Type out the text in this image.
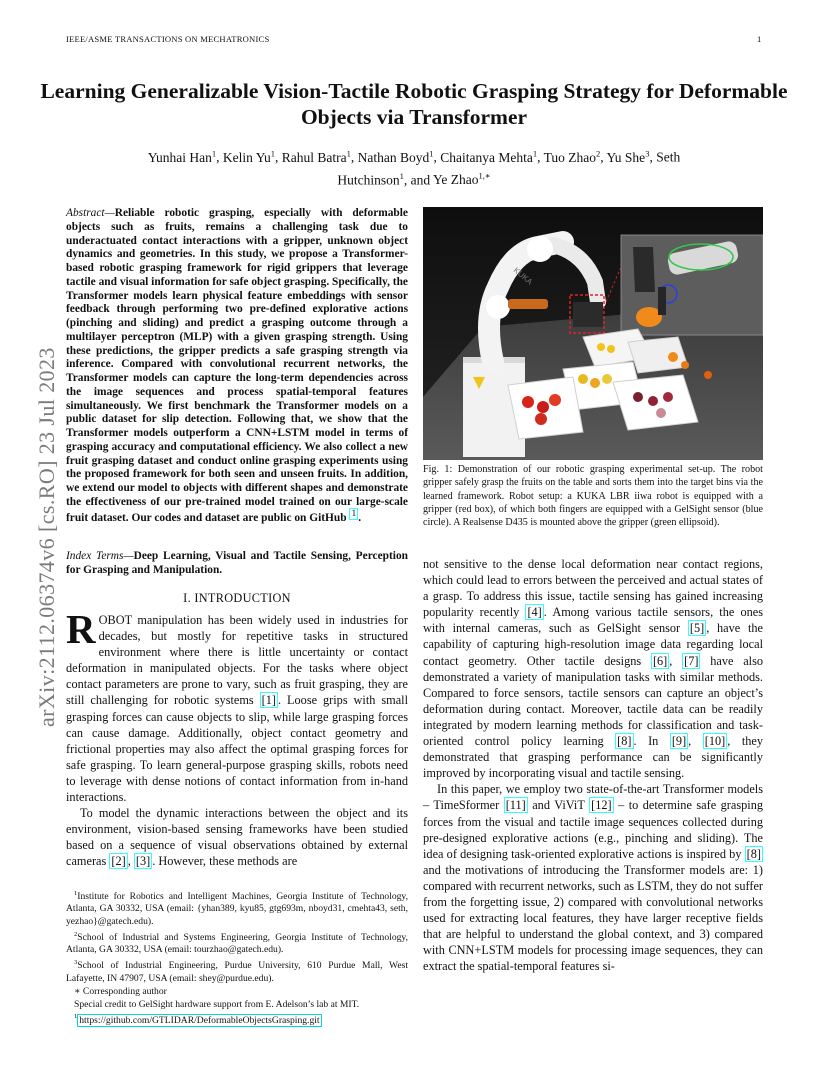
IEEE/ASME TRANSACTIONS ON MECHATRONICS	1
arXiv:2112.06374v6 [cs.RO] 23 Jul 2023
Learning Generalizable Vision-Tactile Robotic Grasping Strategy for Deformable Objects via Transformer
Yunhai Han$^1$, Kelin Yu$^1$, Rahul Batra$^1$, Nathan Boyd$^1$, Chaitanya Mehta$^1$, Tuo Zhao$^2$, Yu She$^3$, Seth
Hutchinson$^1$, and Ye Zhao$^{1,∗}$
Abstract—Reliable robotic grasping, especially with deformable objects such as fruits, remains a challenging task due to underactuated contact interactions with a gripper, unknown object dynamics and geometries. In this study, we propose a Transformer-based robotic grasping framework for rigid grippers that leverage tactile and visual information for safe object grasping. Specifically, the Transformer models learn physical feature embeddings with sensor feedback through performing two pre-defined explorative actions (pinching and sliding) and predict a grasping outcome through a multilayer perceptron (MLP) with a given grasping strength. Using these predictions, the gripper predicts a safe grasping strength via inference. Compared with convolutional recurrent networks, the Transformer models can capture the long-term dependencies across the image sequences and process spatial-temporal features simultaneously. We first benchmark the Transformer models on a public dataset for slip detection. Following that, we show that the Transformer models outperform a CNN+LSTM model in terms of grasping accuracy and computational efficiency. We also collect a new fruit grasping dataset and conduct online grasping experiments using the proposed framework for both seen and unseen fruits. In addition, we extend our model to objects with different shapes and demonstrate the effectiveness of our pre-trained model trained on our large-scale fruit dataset. Our codes and dataset are public on GitHub $^1$ .
Index Terms—Deep Learning, Visual and Tactile Sensing, Perception for Grasping and Manipulation.
I. INTRODUCTION

ROBOT manipulation has been widely used in industries for decades, but mostly for repetitive tasks in structured environment where there is little uncertainty or contact deformation in manipulated objects. For the tasks where object contact parameters are prone to vary, such as fruit grasping, they are still challenging for robotic systems [1] . Loose grips with small grasping forces can cause objects to slip, while large grasping forces can cause damage. Additionally, object contact geometry and frictional properties may also affect the optimal grasping forces for safe grasping. To learn general-purpose grasping skills, robots need to leverage with dense notions of contact information from in-hand interactions.

To model the dynamic interactions between the object and its environment, vision-based sensing frameworks have been studied based on a sequence of visual observations obtained by external cameras [2] , [3] . However, these methods are

$^1$Institute for Robotics and Intelligent Machines, Georgia Institute of Technology, Atlanta, GA 30332, USA (email: {yhan389, kyu85, gtg693m, nboyd31, cmehta43, seth, yezhao}@gatech.edu).

$^2$School of Industrial and Systems Engineering, Georgia Institute of Technology, Atlanta, GA 30332, USA (email: tourzhao@gatech.edu).

$^3$School of Industrial Engineering, Purdue University, 610 Purdue Mall, West Lafayette, IN 47907, USA (email: shey@purdue.edu).

∗ Corresponding author

Special credit to GelSight hardware support from E. Adelson’s lab at MIT.
$^1$ https://github.com/GTLIDAR/DeformableObjectsGrasping.git

KUKA
Fig. 1: Demonstration of our robotic grasping experimental set-up. The robot gripper safely grasp the fruits on the table and sorts them into the target bins via the learned framework. Robot setup: a KUKA LBR iiwa robot is equipped with a gripper (red box), of which both fingers are equipped with a GelSight sensor (blue circle). A Realsense D435 is mounted above the gripper (green ellipsoid).

not sensitive to the dense local deformation near contact regions, which could lead to errors between the perceived and actual states of a grasp. To address this issue, tactile sensing has gained increasing popularity recently [4] . Among various tactile sensors, the ones with internal cameras, such as GelSight sensor [5] , have the capability of capturing high-resolution image data regarding local contact geometry. Other tactile designs [6] , [7] have also demonstrated a variety of manipulation tasks with similar methods. Compared to force sensors, tactile sensors can capture an object’s deformation during contact. Moreover, tactile data can be readily integrated by modern learning methods for classification and task-oriented control policy learning [8] . In [9] , [10] , they demonstrated that grasping performance can be significantly improved by incorporating visual and tactile sensing.

In this paper, we employ two state-of-the-art Transformer models – TimeSformer [11] and ViViT [12] – to determine safe grasping forces from the visual and tactile image sequences collected during pre-designed explorative actions (e.g., pinching and sliding). The idea of designing task-oriented explorative actions is inspired by [8] and the motivations of introducing the Transformer models are: 1) compared with recurrent networks, such as LSTM, they do not suffer from the forgetting issue, 2) compared with convolutional networks used for extracting local features, they have larger receptive fields that are helpful to understand the global context, and 3) compared with CNN+LSTM models for processing image sequences, they can extract the spatial-temporal features si-
